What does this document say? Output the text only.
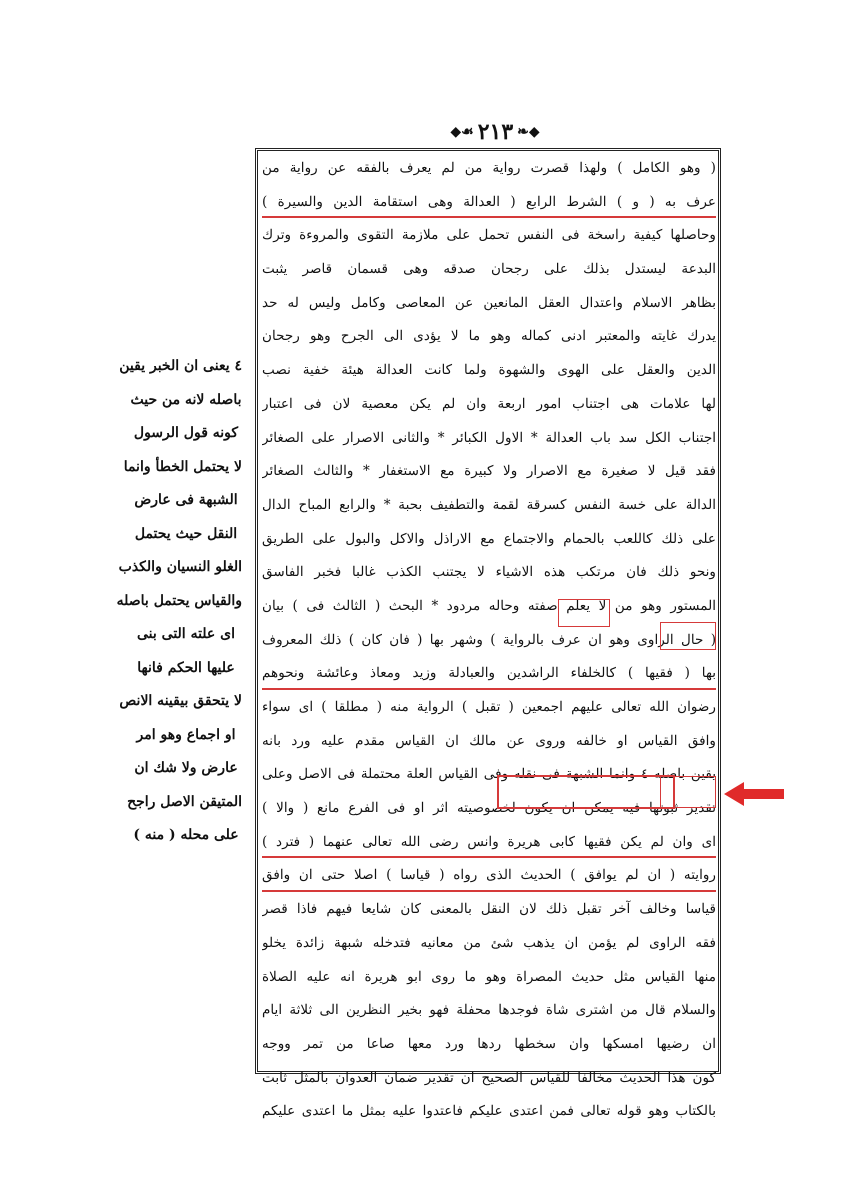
◆❧
٢١٣
☙◆
( وهو الكامل ) ولهذا قصرت رواية من لم يعرف بالفقه عن رواية من
عرف به ( و ) الشرط الرابع ( العدالة وهى استقامة الدين والسيرة )
وحاصلها كيفية راسخة فى النفس تحمل على ملازمة التقوى والمروءة وترك
البدعة ليستدل بذلك على رجحان صدقه وهى قسمان قاصر يثبت
بظاهر الاسلام واعتدال العقل المانعين عن المعاصى وكامل وليس له حد
يدرك غايته والمعتبر ادنى كماله وهو ما لا يؤدى الى الجرح وهو رجحان
الدين والعقل على الهوى والشهوة ولما كانت العدالة هيئة خفية نصب
لها علامات هى اجتناب امور اربعة وان لم يكن معصية لان فى اعتبار
اجتناب الكل سد باب العدالة * الاول الكبائر * والثانى الاصرار على الصغائر
فقد قيل لا صغيرة مع الاصرار ولا كبيرة مع الاستغفار * والثالث الصغائر
الدالة على خسة النفس كسرقة لقمة والتطفيف بحبة * والرابع المباح الدال
على ذلك كاللعب بالحمام والاجتماع مع الاراذل والاكل والبول على الطريق
ونحو ذلك فان مرتكب هذه الاشياء لا يجتنب الكذب غالبا فخبر الفاسق
المستور وهو من لا يعلم صفته وحاله مردود * البحث ( الثالث فى ) بيان
( حال الراوى وهو ان عرف بالرواية ) وشهر بها ( فان كان ) ذلك المعروف
بها ( فقيها ) كالخلفاء الراشدين والعبادلة وزيد ومعاذ وعائشة ونحوهم
رضوان الله تعالى عليهم اجمعين ( تقبل ) الرواية منه ( مطلقا ) اى سواء
وافق القياس او خالفه وروى عن مالك ان القياس مقدم عليه ورد بانه
يقين باصله ٤ وانما الشبهة فى نقله وفى القياس العلة محتملة فى الاصل وعلى
تقدير ثبوتها فيه يمكن ان يكون لخصوصيته اثر او فى الفرع مانع ( والا )
اى وان لم يكن فقيها كابى هريرة وانس رضى الله تعالى عنهما ( فترد )
روايته ( ان لم يوافق ) الحديث الذى رواه ( قياسا ) اصلا حتى ان وافق
قياسا وخالف آخر تقبل ذلك لان النقل بالمعنى كان شايعا فيهم فاذا قصر
فقه الراوى لم يؤمن ان يذهب شئ من معانيه فتدخله شبهة زائدة يخلو
منها القياس مثل حديث المصراة وهو ما روى ابو هريرة انه عليه الصلاة
والسلام قال من اشترى شاة فوجدها محفلة فهو بخير النظرين الى ثلاثة ايام
ان رضيها امسكها وان سخطها ردها ورد معها صاعا من تمر ووجه
كون هذا الحديث مخالفا للقياس الصحيح ان تقدير ضمان العدوان بالمثل ثابت
بالكتاب وهو قوله تعالى فمن اعتدى عليكم فاعتدوا عليه بمثل ما اعتدى عليكم
٤ يعنى ان الخبر يقين
باصله لانه من حيث
كونه قول الرسول
لا يحتمل الخطأ وانما
الشبهة فى عارض
النقل حيث يحتمل
الغلو النسيان والكذب
والقياس يحتمل باصله
اى علته التى بنى
عليها الحكم فانها
لا يتحقق بيقينه الانص
او اجماع وهو امر
عارض ولا شك ان
المتيقن الاصل راجح
على محله ( منه )
